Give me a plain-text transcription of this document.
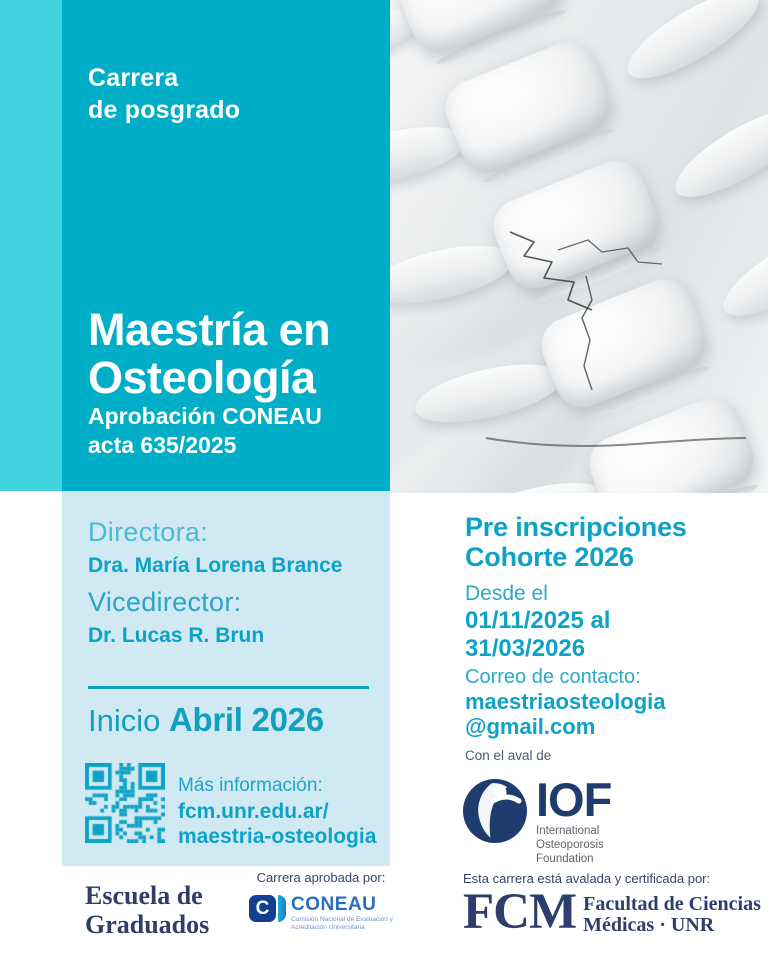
Carrera
de posgrado
Maestría en
Osteología
Aprobación CONEAU
acta 635/2025
Directora:
Dra. María Lorena Brance
Vicedirector:
Dr. Lucas R. Brun
Inicio Abril 2026
Más información:
fcm.unr.edu.ar/
maestria-osteologia
Pre inscripciones
Cohorte 2026
Desde el
01/11/2025 al
31/03/2026
Correo de contacto:
maestriaosteologia
@gmail.com
Con el aval de
IOF
International
Osteoporosis
Foundation
Escuela de
Graduados
Carrera aprobada por:
C	CONEAU
Comisión Nacional de Evaluación y
Acreditación Universitaria
Esta carrera está avalada y certificada por:
FCM Facultad de Ciencias
Médicas · UNR
